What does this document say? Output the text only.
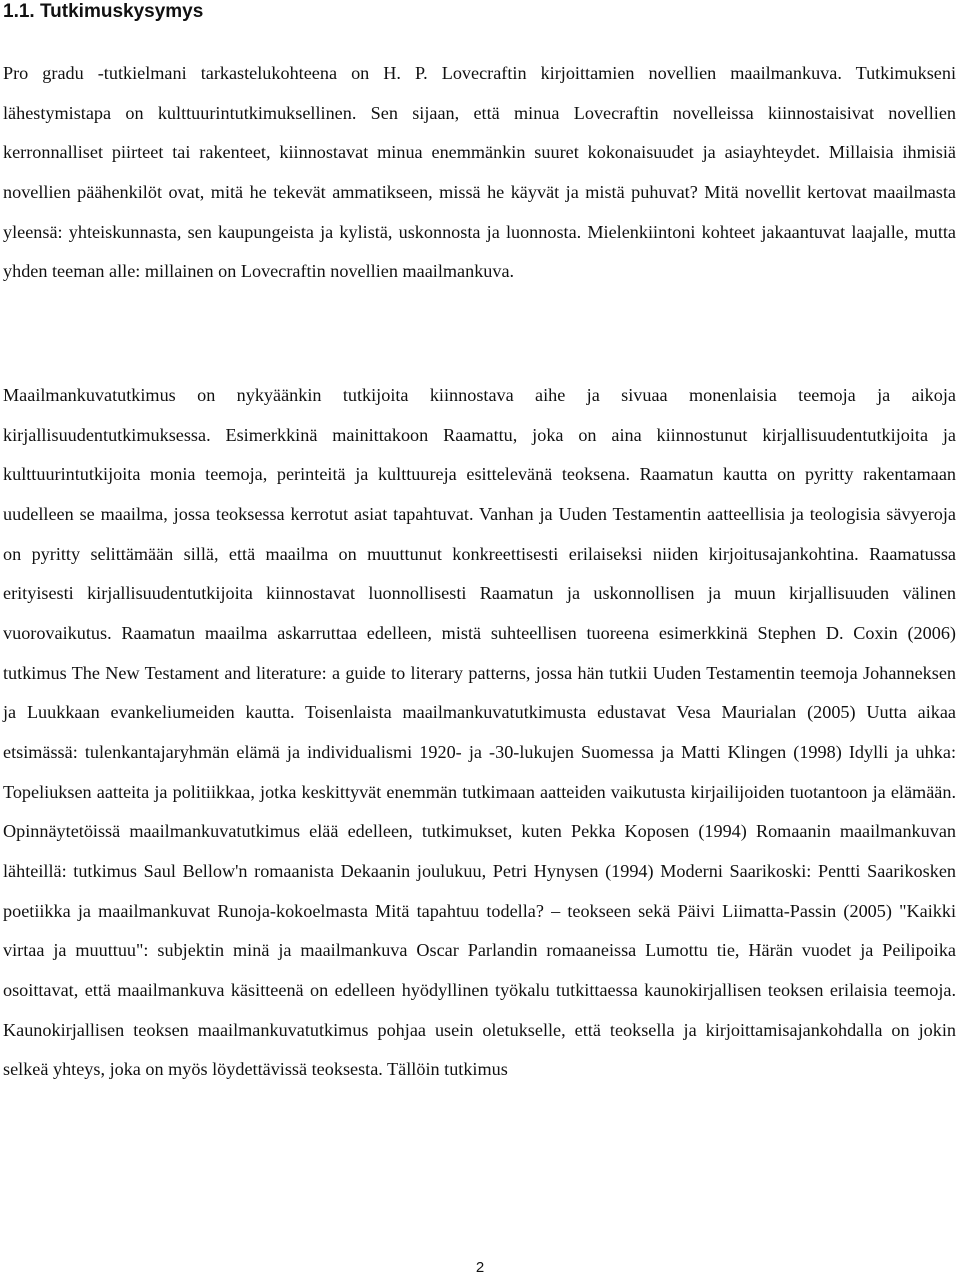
1.1. Tutkimuskysymys

Pro gradu -tutkielmani tarkastelukohteena on H. P. Lovecraftin kirjoittamien novellien maailmankuva. Tutkimukseni lähestymistapa on kulttuurintutkimuksellinen. Sen sijaan, että minua Lovecraftin novelleissa kiinnostaisivat novellien kerronnalliset piirteet tai rakenteet, kiinnostavat minua enemmänkin suuret kokonaisuudet ja asiayhteydet. Millaisia ihmisiä novellien päähenkilöt ovat, mitä he tekevät ammatikseen, missä he käyvät ja mistä puhuvat? Mitä novellit kertovat maailmasta yleensä: yhteiskunnasta, sen kaupungeista ja kylistä, uskonnosta ja luonnosta. Mielenkiintoni kohteet jakaantuvat laajalle, mutta yhden teeman alle: millainen on Lovecraftin novellien maailmankuva.

Maailmankuvatutkimus on nykyäänkin tutkijoita kiinnostava aihe ja sivuaa monenlaisia teemoja ja aikoja kirjallisuudentutkimuksessa. Esimerkkinä mainittakoon Raamattu, joka on aina kiinnostunut kirjallisuudentutkijoita ja kulttuurintutkijoita monia teemoja, perinteitä ja kulttuureja esittelevänä teoksena. Raamatun kautta on pyritty rakentamaan uudelleen se maailma, jossa teoksessa kerrotut asiat tapahtuvat. Vanhan ja Uuden Testamentin aatteellisia ja teologisia sävyeroja on pyritty selittämään sillä, että maailma on muuttunut konkreettisesti erilaiseksi niiden kirjoitusajankohtina. Raamatussa erityisesti kirjallisuudentutkijoita kiinnostavat luonnollisesti Raamatun ja uskonnollisen ja muun kirjallisuuden välinen vuorovaikutus. Raamatun maailma askarruttaa edelleen, mistä suhteellisen tuoreena esimerkkinä Stephen D. Coxin (2006) tutkimus The New Testament and literature: a guide to literary patterns, jossa hän tutkii Uuden Testamentin teemoja Johanneksen ja Luukkaan evankeliumeiden kautta. Toisenlaista maailmankuvatutkimusta edustavat Vesa Maurialan (2005) Uutta aikaa etsimässä: tulenkantajaryhmän elämä ja individualismi 1920- ja -30-lukujen Suomessa ja Matti Klingen (1998) Idylli ja uhka: Topeliuksen aatteita ja politiikkaa, jotka keskittyvät enemmän tutkimaan aatteiden vaikutusta kirjailijoiden tuotantoon ja elämään. Opinnäytetöissä maailmankuvatutkimus elää edelleen, tutkimukset, kuten Pekka Koposen (1994) Romaanin maailmankuvan lähteillä: tutkimus Saul Bellow'n romaanista Dekaanin joulukuu, Petri Hynysen (1994) Moderni Saarikoski: Pentti Saarikosken poetiikka ja maailmankuvat Runoja-kokoelmasta Mitä tapahtuu todella? – teokseen sekä Päivi Liimatta-Passin (2005) "Kaikki virtaa ja muuttuu": subjektin minä ja maailmankuva Oscar Parlandin romaaneissa Lumottu tie, Härän vuodet ja Peilipoika osoittavat, että maailmankuva käsitteenä on edelleen hyödyllinen työkalu tutkittaessa kaunokirjallisen teoksen erilaisia teemoja. Kaunokirjallisen teoksen maailmankuvatutkimus pohjaa usein oletukselle, että teoksella ja kirjoittamisajankohdalla on jokin selkeä yhteys, joka on myös löydettävissä teoksesta. Tällöin tutkimus

2
